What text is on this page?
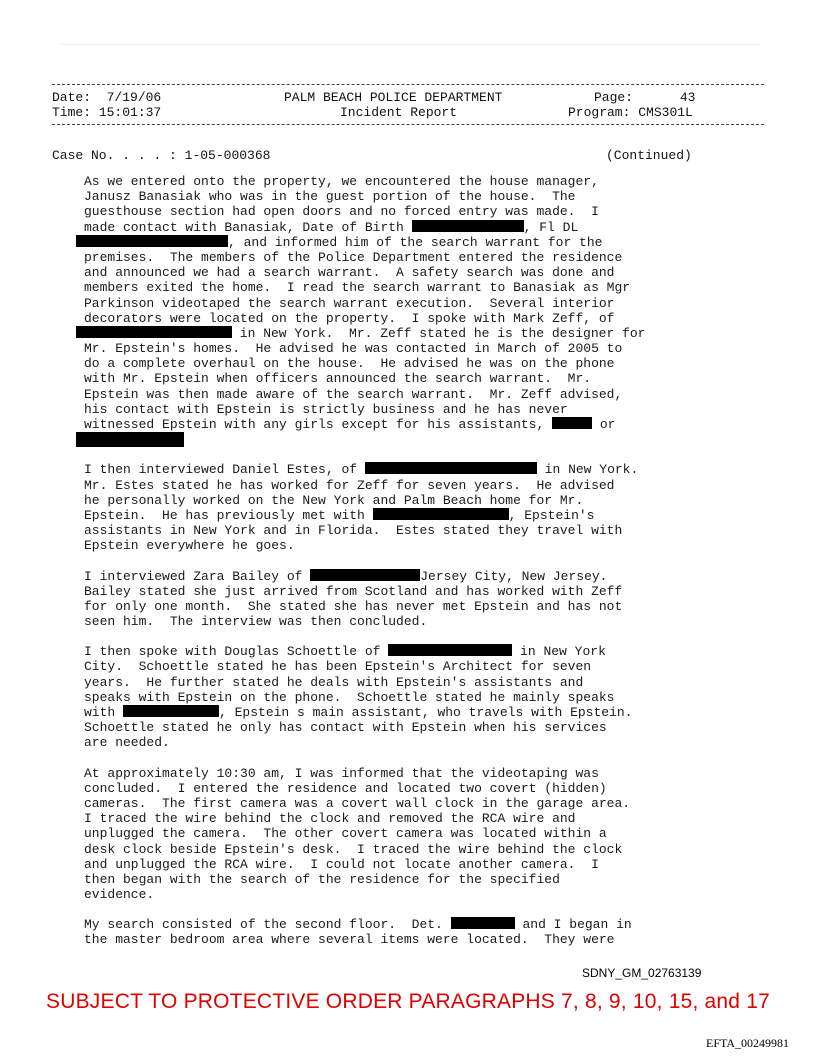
Date: 7/19/06
Time: 15:01:37
PALM BEACH POLICE DEPARTMENT
Incident Report
Page:	43
Program: CMS301L
Case No. . . . : 1-05-000368	(Continued)
As we entered onto the property, we encountered the house manager,
Janusz Banasiak who was in the guest portion of the house.  The
guesthouse section had open doors and no forced entry was made.  I
made contact with Banasiak, Date of Birth	, Fl DL
, and informed him of the search warrant for the
premises.  The members of the Police Department entered the residence
and announced we had a search warrant.  A safety search was done and
members exited the home.  I read the search warrant to Banasiak as Mgr
Parkinson videotaped the search warrant execution.  Several interior
decorators were located on the property.  I spoke with Mark Zeff, of
in New York.  Mr. Zeff stated he is the designer for
Mr. Epstein's homes.  He advised he was contacted in March of 2005 to
do a complete overhaul on the house.  He advised he was on the phone
with Mr. Epstein when officers announced the search warrant.  Mr.
Epstein was then made aware of the search warrant.  Mr. Zeff advised,
his contact with Epstein is strictly business and he has never
witnessed Epstein with any girls except for his assistants,	or
I then interviewed Daniel Estes, of	in New York.
Mr. Estes stated he has worked for Zeff for seven years.  He advised
he personally worked on the New York and Palm Beach home for Mr.
Epstein.  He has previously met with	, Epstein's
assistants in New York and in Florida.  Estes stated they travel with
Epstein everywhere he goes.
I interviewed Zara Bailey of	Jersey City, New Jersey.
Bailey stated she just arrived from Scotland and has worked with Zeff
for only one month.  She stated she has never met Epstein and has not
seen him.  The interview was then concluded.
I then spoke with Douglas Schoettle of	in New York
City.  Schoettle stated he has been Epstein's Architect for seven
years.  He further stated he deals with Epstein's assistants and
speaks with Epstein on the phone.  Schoettle stated he mainly speaks
with	, Epstein s main assistant, who travels with Epstein.
Schoettle stated he only has contact with Epstein when his services
are needed.
At approximately 10:30 am, I was informed that the videotaping was
concluded.  I entered the residence and located two covert (hidden)
cameras.  The first camera was a covert wall clock in the garage area.
I traced the wire behind the clock and removed the RCA wire and
unplugged the camera.  The other covert camera was located within a
desk clock beside Epstein's desk.  I traced the wire behind the clock
and unplugged the RCA wire.  I could not locate another camera.  I
then began with the search of the residence for the specified
evidence.
My search consisted of the second floor.  Det.	and I began in
the master bedroom area where several items were located.  They were
SDNY_GM_02763139
SUBJECT TO PROTECTIVE ORDER PARAGRAPHS 7, 8, 9, 10, 15, and 17
EFTA_00249981
